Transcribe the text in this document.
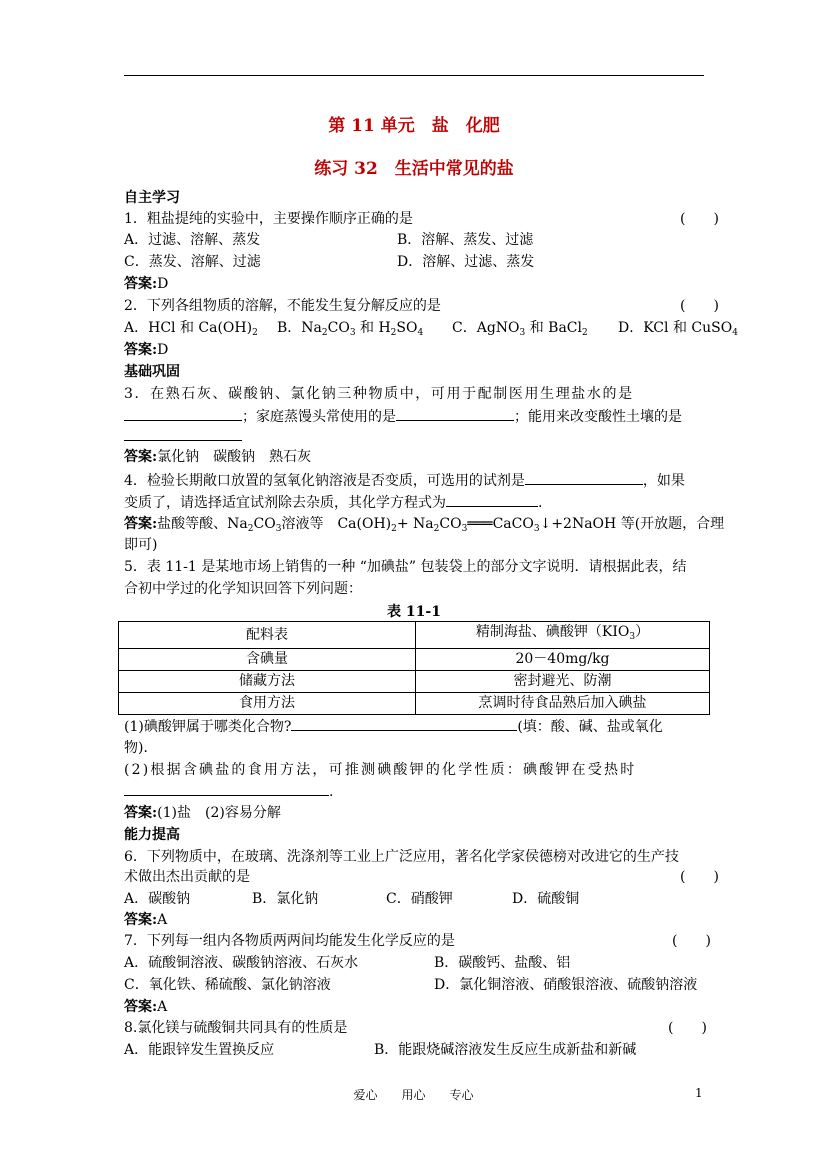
第 11 单元　盐　化肥
练习 32　生活中常见的盐
自主学习
1．粗盐提纯的实验中，主要操作顺序正确的是	(　　)
A．过滤、溶解、蒸发	B．溶解、蒸发、过滤
C．蒸发、溶解、过滤	D．溶解、过滤、蒸发
答案:D
2．下列各组物质的溶解，不能发生复分解反应的是	(　　)
A．HCl 和 $Ca(OH)_2$ B．$Na_2CO_3$ 和 $H_2SO_4$ C．AgNO$_3$ 和 BaCl$_2$ D．KCl 和 CuSO$_4$
答案:D
基础巩固
3．在熟石灰、碳酸钠、氯化钠三种物质中，可用于配制医用生理盐水的是
；家庭蒸馒头常使用的是	；能用来改变酸性土壤的是
答案:氯化钠　碳酸钠　熟石灰
4．检验长期敞口放置的氢氧化钠溶液是否变质，可选用的试剂是	，如果
变质了，请选择适宜试剂除去杂质，其化学方程式为	.
答案:盐酸等酸、$Na_2CO_3$溶液等　$Ca(OH)_2+$ $Na_2CO_3═══CaCO_3↓+2NaOH$ 等(开放题，合理
即可)
5．表 11-1 是某地市场上销售的一种 “加碘盐” 包装袋上的部分文字说明．请根据此表，结
合初中学过的化学知识回答下列问题：
表 11-1
配料表	精制海盐、碘酸钾$(KIO_3)$
含碘量	20－40mg/kg
储藏方法	密封避光、防潮
食用方法	烹调时待食品熟后加入碘盐
(1)碘酸钾属于哪类化合物?	(填：酸、碱、盐或氧化
物)．
(2)根据含碘盐的食用方法，可推测碘酸钾的化学性质：碘酸钾在受热时
.
答案:(1)盐　(2)容易分解
能力提高
6．下列物质中，在玻璃、洗涤剂等工业上广泛应用，著名化学家侯德榜对改进它的生产技
术做出杰出贡献的是	(　　)
A．碳酸钠	B．氯化钠	C．硝酸钾	D．硫酸铜
答案:A
7．下列每一组内各物质两两间均能发生化学反应的是	(　　)
A．硫酸铜溶液、碳酸钠溶液、石灰水	B．碳酸钙、盐酸、铝
C．氧化铁、稀硫酸、氯化钠溶液	D．氯化铜溶液、硝酸银溶液、硫酸钠溶液
答案:A
8.氯化镁与硫酸铜共同具有的性质是	(　　)
A．能跟锌发生置换反应	B．能跟烧碱溶液发生反应生成新盐和新碱
爱心　　用心　　专心	1
